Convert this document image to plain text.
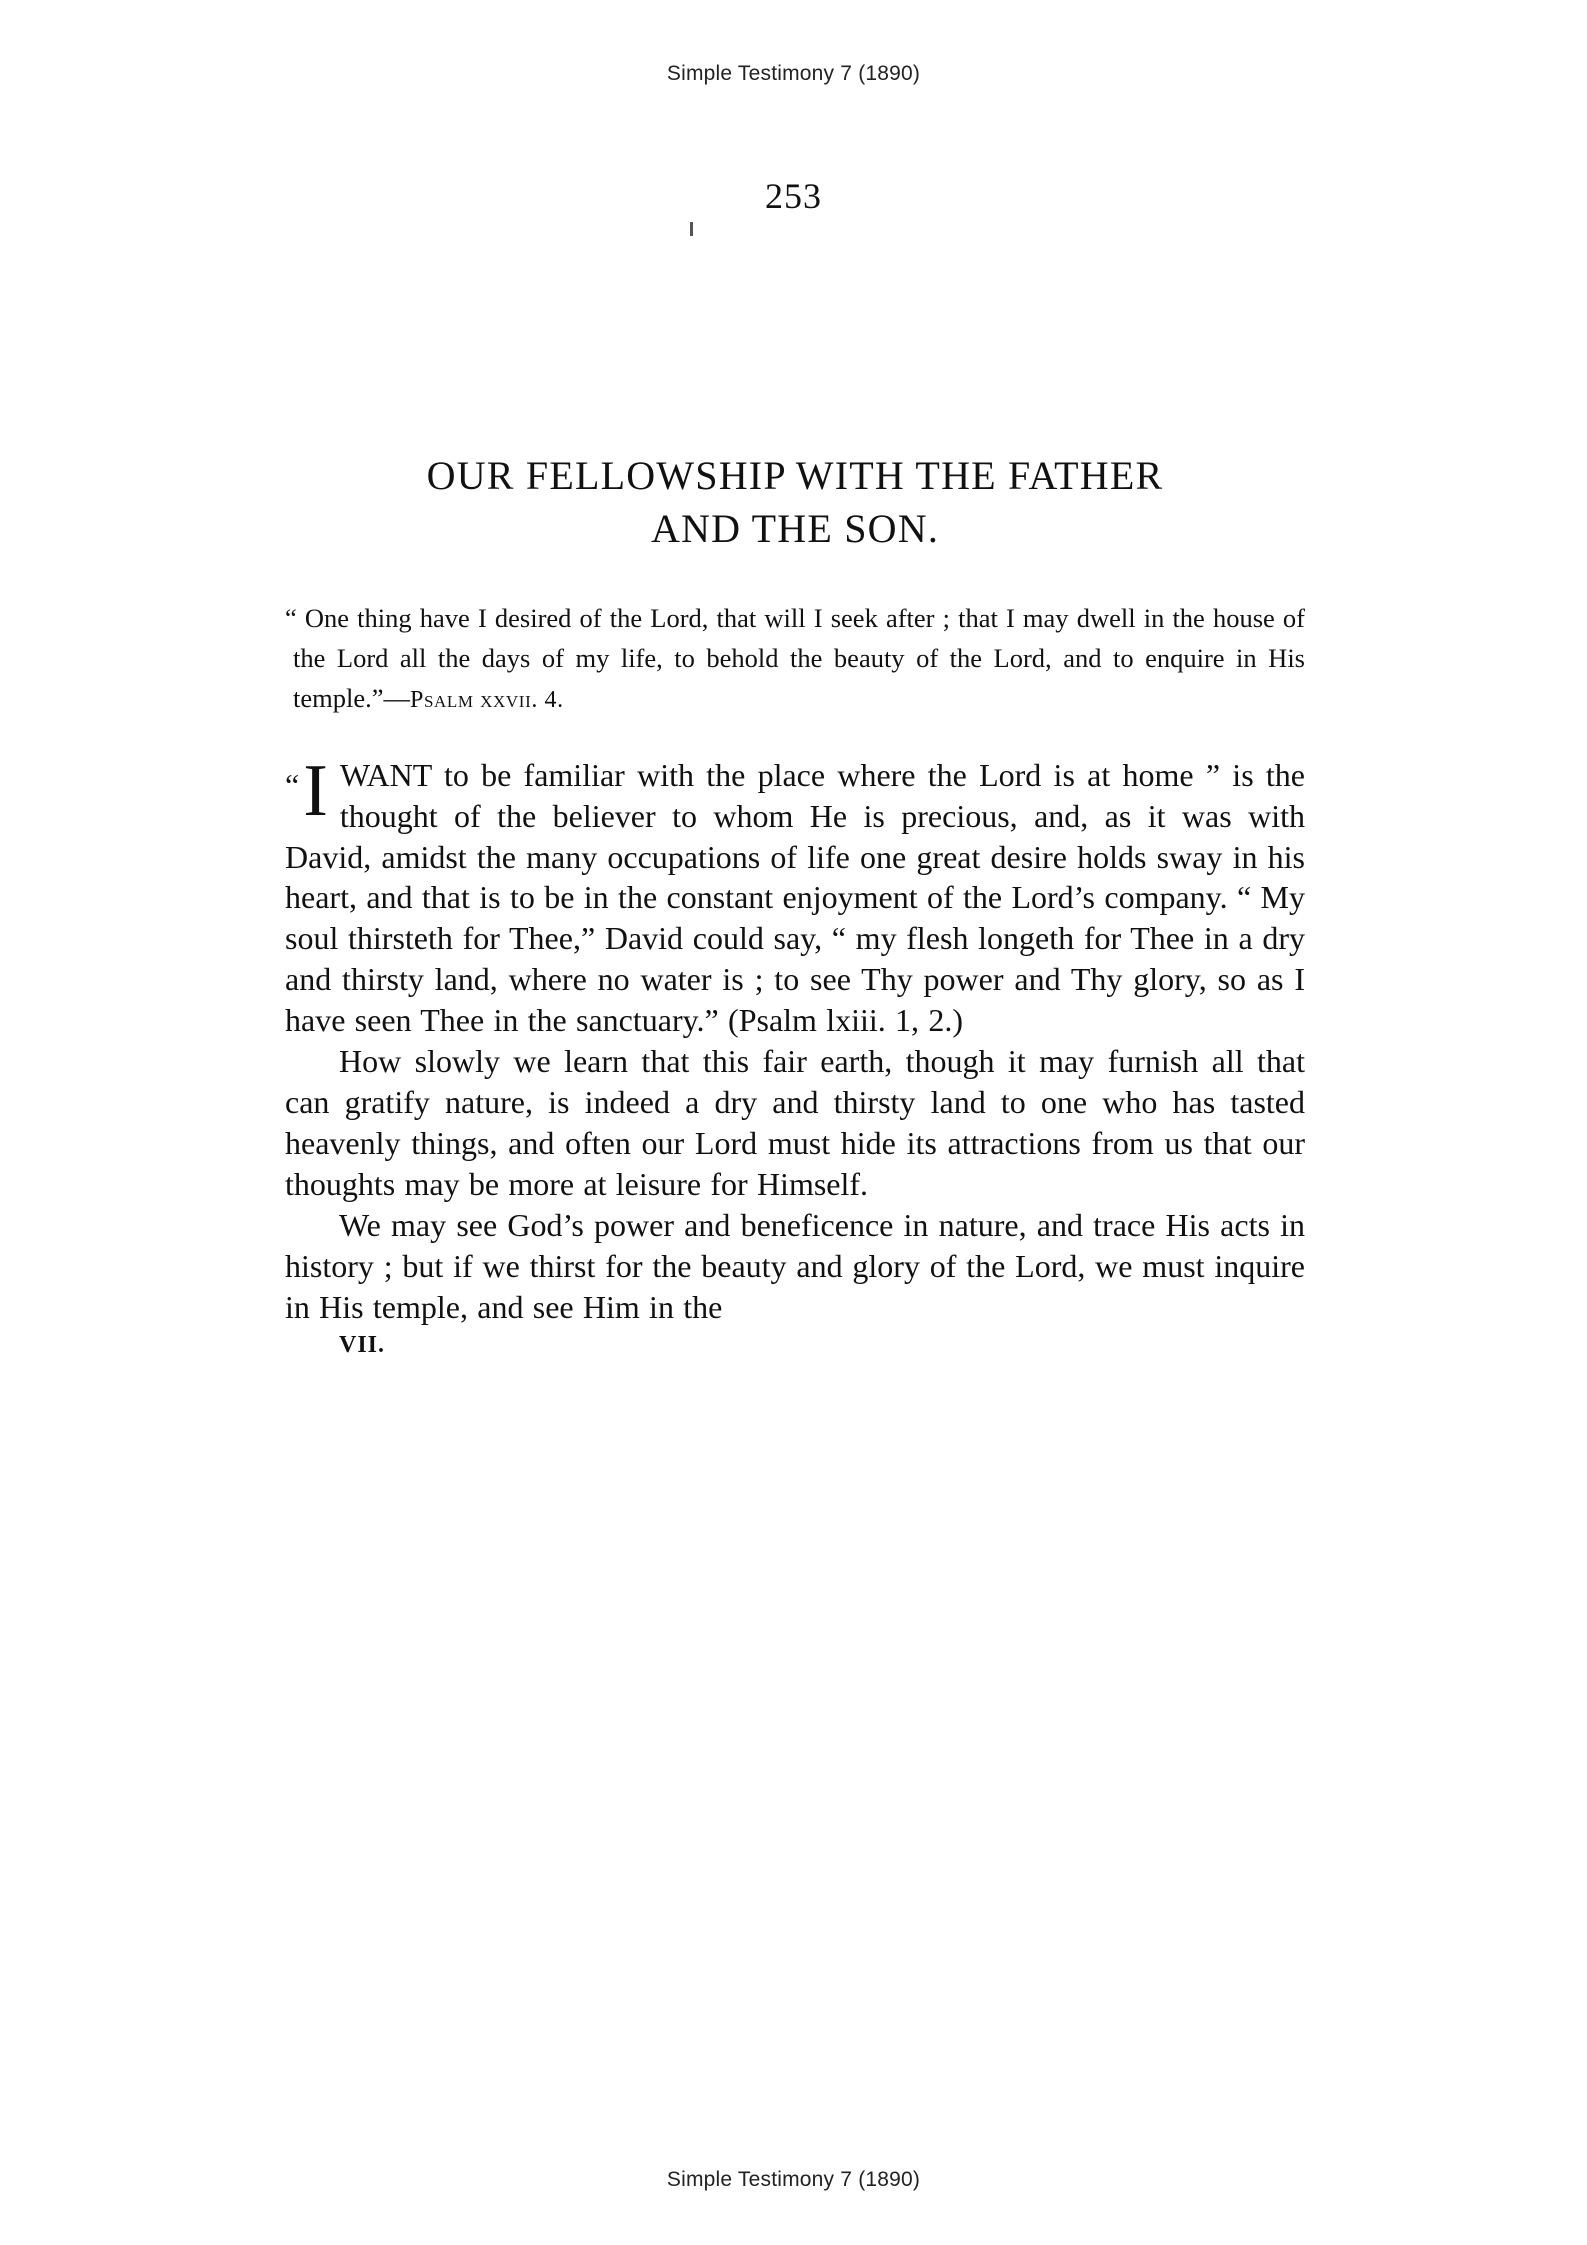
Simple Testimony 7 (1890)
253
OUR FELLOWSHIP WITH THE FATHER
AND THE SON.

“ One thing have I desired of the Lord, that will I seek after ; that I may dwell in the house of the Lord all the days of my life, to behold the beauty of the Lord, and to enquire in His temple.”—Psalm xxvii. 4.

“ I WANT to be familiar with the place where the Lord is at home ” is the thought of the believer to whom He is precious, and, as it was with David, amidst the many occupations of life one great desire holds sway in his heart, and that is to be in the constant enjoyment of the Lord’s company. “ My soul thirsteth for Thee,” David could say, “ my flesh longeth for Thee in a dry and thirsty land, where no water is ; to see Thy power and Thy glory, so as I have seen Thee in the sanctuary.” (Psalm lxiii. 1, 2.)

How slowly we learn that this fair earth, though it may furnish all that can gratify nature, is indeed a dry and thirsty land to one who has tasted heavenly things, and often our Lord must hide its attractions from us that our thoughts may be more at leisure for Himself.

We may see God’s power and beneficence in nature, and trace His acts in history ; but if we thirst for the beauty and glory of the Lord, we must inquire in His temple, and see Him in the

VII.

Simple Testimony 7 (1890)
